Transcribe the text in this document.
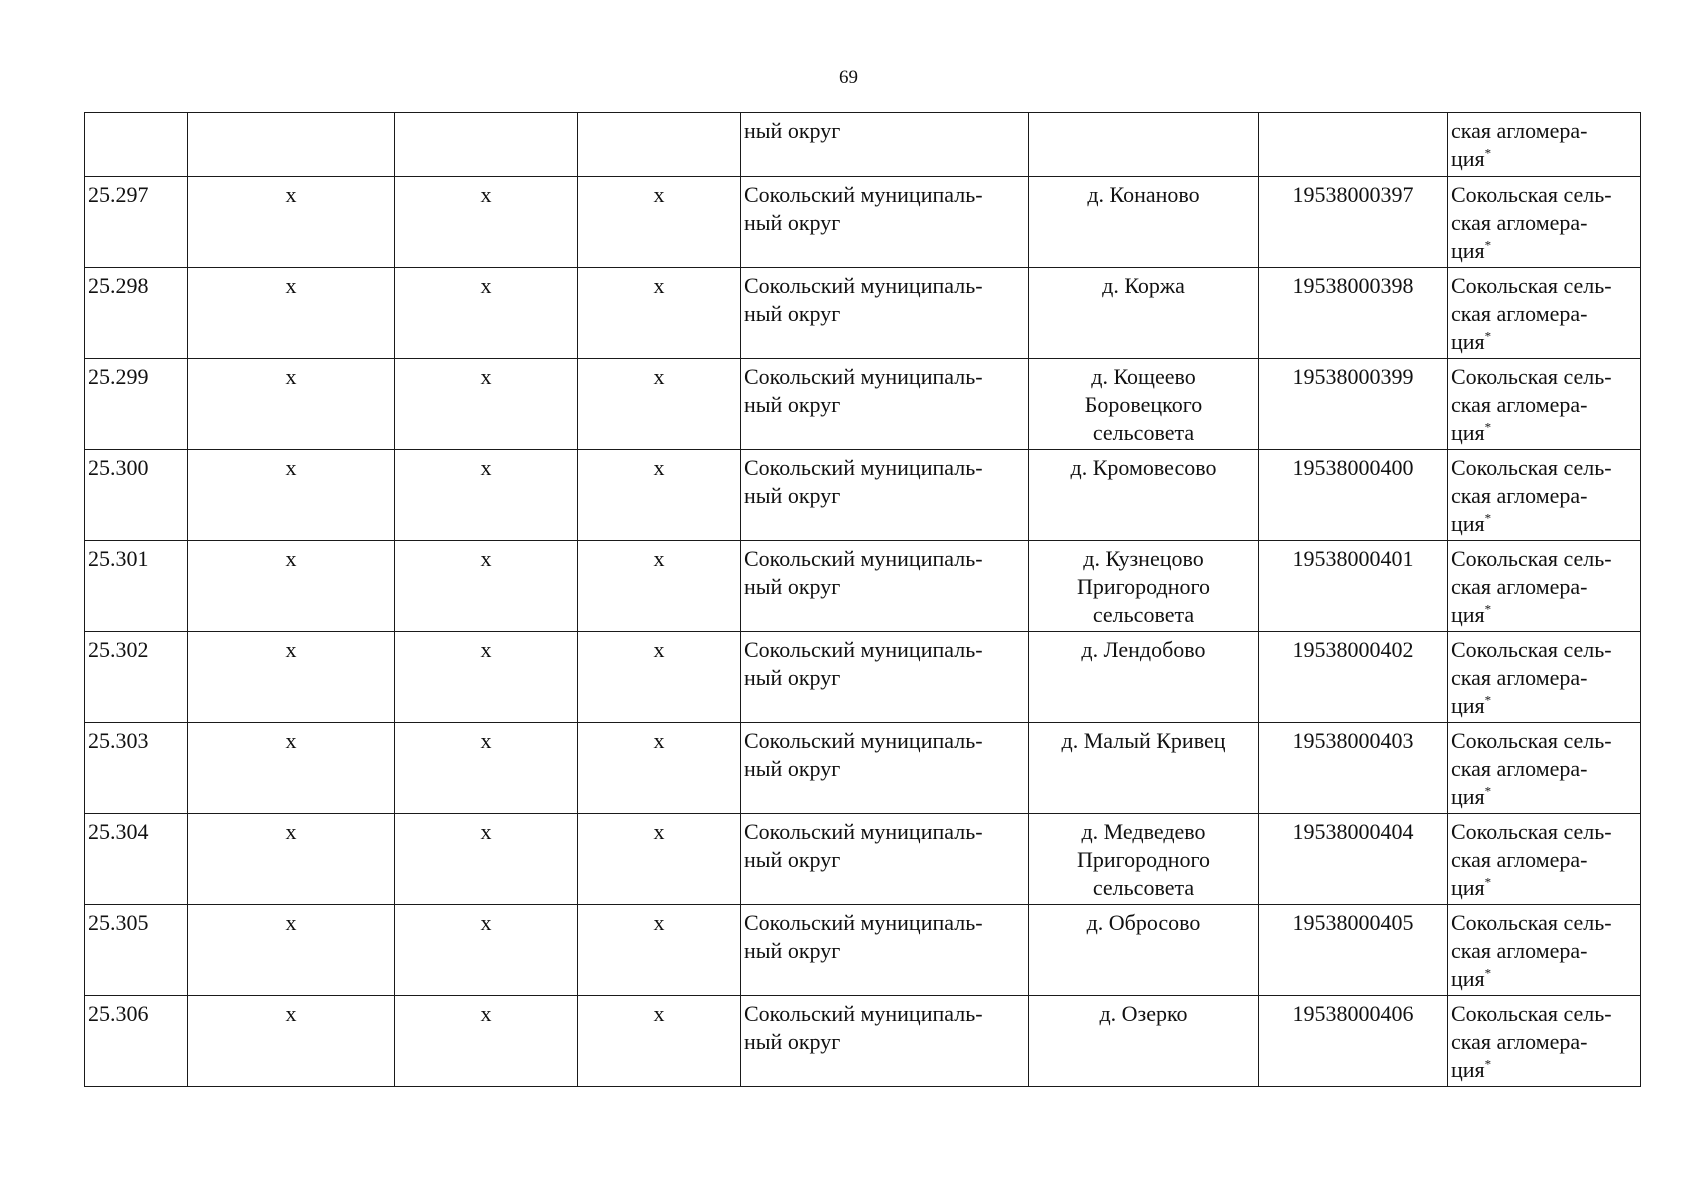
69
				ный округ			ская агломера-
ция*
25.297	х	х	х	Сокольский муниципаль-
ный округ	д. Конаново	19538000397	Сокольская сель-
ская агломера-
ция*
25.298	х	х	х	Сокольский муниципаль-
ный округ	д. Коржа	19538000398	Сокольская сель-
ская агломера-
ция*
25.299	х	х	х	Сокольский муниципаль-
ный округ	д. Кощеево
Боровецкого
сельсовета	19538000399	Сокольская сель-
ская агломера-
ция*
25.300	х	х	х	Сокольский муниципаль-
ный округ	д. Кромовесово	19538000400	Сокольская сель-
ская агломера-
ция*
25.301	х	х	х	Сокольский муниципаль-
ный округ	д. Кузнецово
Пригородного
сельсовета	19538000401	Сокольская сель-
ская агломера-
ция*
25.302	х	х	х	Сокольский муниципаль-
ный округ	д. Лендобово	19538000402	Сокольская сель-
ская агломера-
ция*
25.303	х	х	х	Сокольский муниципаль-
ный округ	д. Малый Кривец	19538000403	Сокольская сель-
ская агломера-
ция*
25.304	х	х	х	Сокольский муниципаль-
ный округ	д. Медведево
Пригородного
сельсовета	19538000404	Сокольская сель-
ская агломера-
ция*
25.305	х	х	х	Сокольский муниципаль-
ный округ	д. Обросово	19538000405	Сокольская сель-
ская агломера-
ция*
25.306	х	х	х	Сокольский муниципаль-
ный округ	д. Озерко	19538000406	Сокольская сель-
ская агломера-
ция*
